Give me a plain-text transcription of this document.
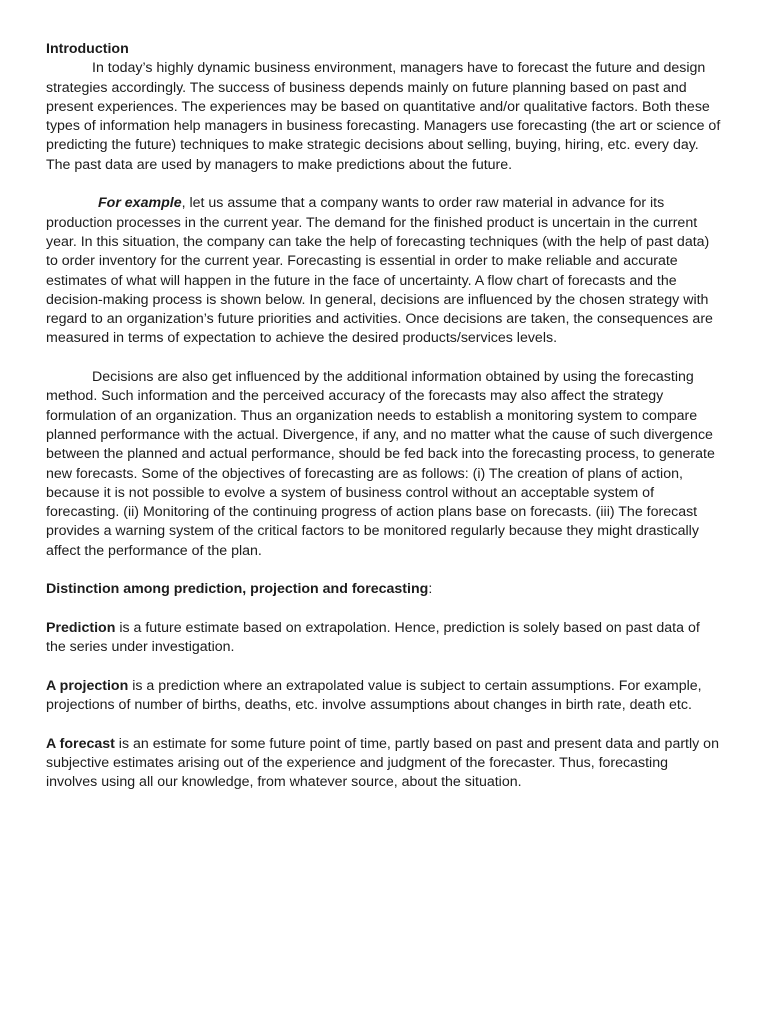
Introduction

In today’s highly dynamic business environment, managers have to forecast the future and design strategies accordingly. The success of business depends mainly on future planning based on past and present experiences. The experiences may be based on quantitative and/or qualitative factors. Both these types of information help managers in business forecasting. Managers use forecasting (the art or science of predicting the future) techniques to make strategic decisions about selling, buying, hiring, etc. every day. The past data are used by managers to make predictions about the future.

For example, let us assume that a company wants to order raw material in advance for its production processes in the current year. The demand for the finished product is uncertain in the current year. In this situation, the company can take the help of forecasting techniques (with the help of past data) to order inventory for the current year. Forecasting is essential in order to make reliable and accurate estimates of what will happen in the future in the face of uncertainty. A flow chart of forecasts and the decision-making process is shown below. In general, decisions are influenced by the chosen strategy with regard to an organization’s future priorities and activities. Once decisions are taken, the consequences are measured in terms of expectation to achieve the desired products/services levels.

Decisions are also get influenced by the additional information obtained by using the forecasting method. Such information and the perceived accuracy of the forecasts may also affect the strategy formulation of an organization. Thus an organization needs to establish a monitoring system to compare planned performance with the actual. Divergence, if any, and no matter what the cause of such divergence between the planned and actual performance, should be fed back into the forecasting process, to generate new forecasts. Some of the objectives of forecasting are as follows: (i) The creation of plans of action, because it is not possible to evolve a system of business control without an acceptable system of forecasting. (ii) Monitoring of the continuing progress of action plans base on forecasts. (iii) The forecast provides a warning system of the critical factors to be monitored regularly because they might drastically affect the performance of the plan.

Distinction among prediction, projection and forecasting:

Prediction is a future estimate based on extrapolation. Hence, prediction is solely based on past data of the series under investigation.

A projection is a prediction where an extrapolated value is subject to certain assumptions. For example, projections of number of births, deaths, etc. involve assumptions about changes in birth rate, death etc.

A forecast is an estimate for some future point of time, partly based on past and present data and partly on subjective estimates arising out of the experience and judgment of the forecaster. Thus, forecasting involves using all our knowledge, from whatever source, about the situation.
